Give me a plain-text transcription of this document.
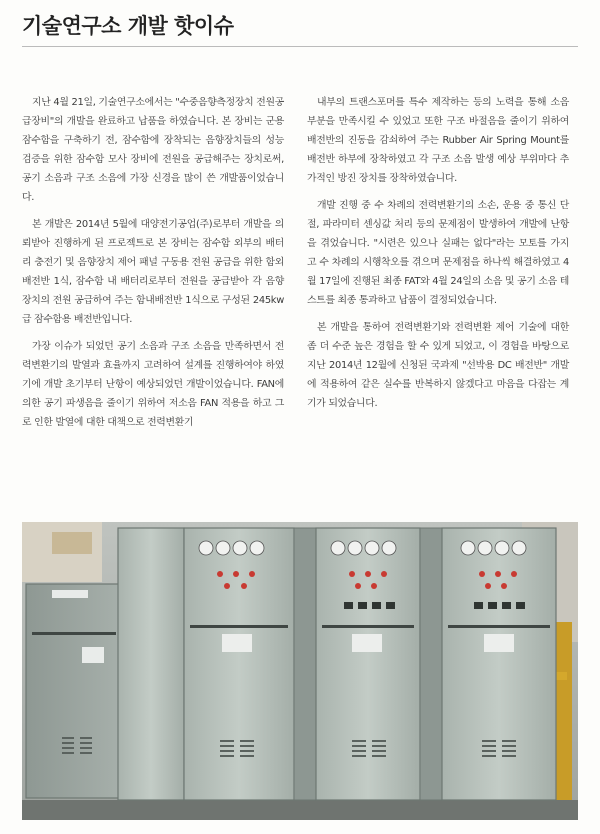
기술연구소 개발 핫이슈

지난 4월 21일, 기술연구소에서는 "수중음향측정장치 전원공급장비"의 개발을 완료하고 납품을 하였습니다. 본 장비는 군용 잠수함을 구축하기 전, 잠수함에 장착되는 음향장치들의 성능 검증을 위한 잠수함 모사 장비에 전원을 공급해주는 장치로써, 공기 소음과 구조 소음에 가장 신경을 많이 쓴 개발품이었습니다.

본 개발은 2014년 5월에 대양전기공업(주)로부터 개발을 의뢰받아 진행하게 된 프로젝트로 본 장비는 잠수함 외부의 배터리 충전기 및 음향장치 제어 패널 구동용 전원 공급을 위한 함외배전반 1식, 잠수함 내 배터리로부터 전원을 공급받아 각 음향장치의 전원 공급하여 주는 함내배전반 1식으로 구성된 245kw급 잠수함용 배전반입니다.

가장 이슈가 되었던 공기 소음과 구조 소음을 만족하면서 전력변환기의 발열과 효율까지 고려하여 설계를 진행하여야 하였기에 개발 초기부터 난항이 예상되었던 개발이었습니다. FAN에 의한 공기 파생음을 줄이기 위하여 저소음 FAN 적용을 하고 그로 인한 발열에 대한 대책으로 전력변환기

내부의 트랜스포머를 특수 제작하는 등의 노력을 통해 소음 부분을 만족시킬 수 있었고 또한 구조 바절음을 줄이기 위하여 배전반의 진동을 감쇠하여 주는 Rubber Air Spring Mount를 배전반 하부에 장착하였고 각 구조 소음 발생 예상 부위마다 추가적인 방진 장치를 장착하였습니다.

개발 진행 중 수 차례의 전력변환기의 소손, 운용 중 통신 단절, 파라미터 센싱값 처리 등의 문제점이 발생하여 개발에 난항을 겪었습니다. "시련은 있으나 실패는 없다"라는 모토를 가지고 수 차례의 시행착오를 겪으며 문제점을 하나씩 해결하였고 4월 17일에 진행된 최종 FAT와 4월 24일의 소음 및 공기 소음 테스트를 최종 통과하고 납품이 결정되었습니다.

본 개발을 통하여 전력변환기와 전력변환 제어 기술에 대한 좀 더 수준 높은 경험을 할 수 있게 되었고, 이 경험을 바탕으로 지난 2014년 12월에 신청된 국과제 "선박용 DC 배전반" 개발에 적용하여 같은 실수를 반복하지 않겠다고 마음을 다잡는 계기가 되었습니다.
